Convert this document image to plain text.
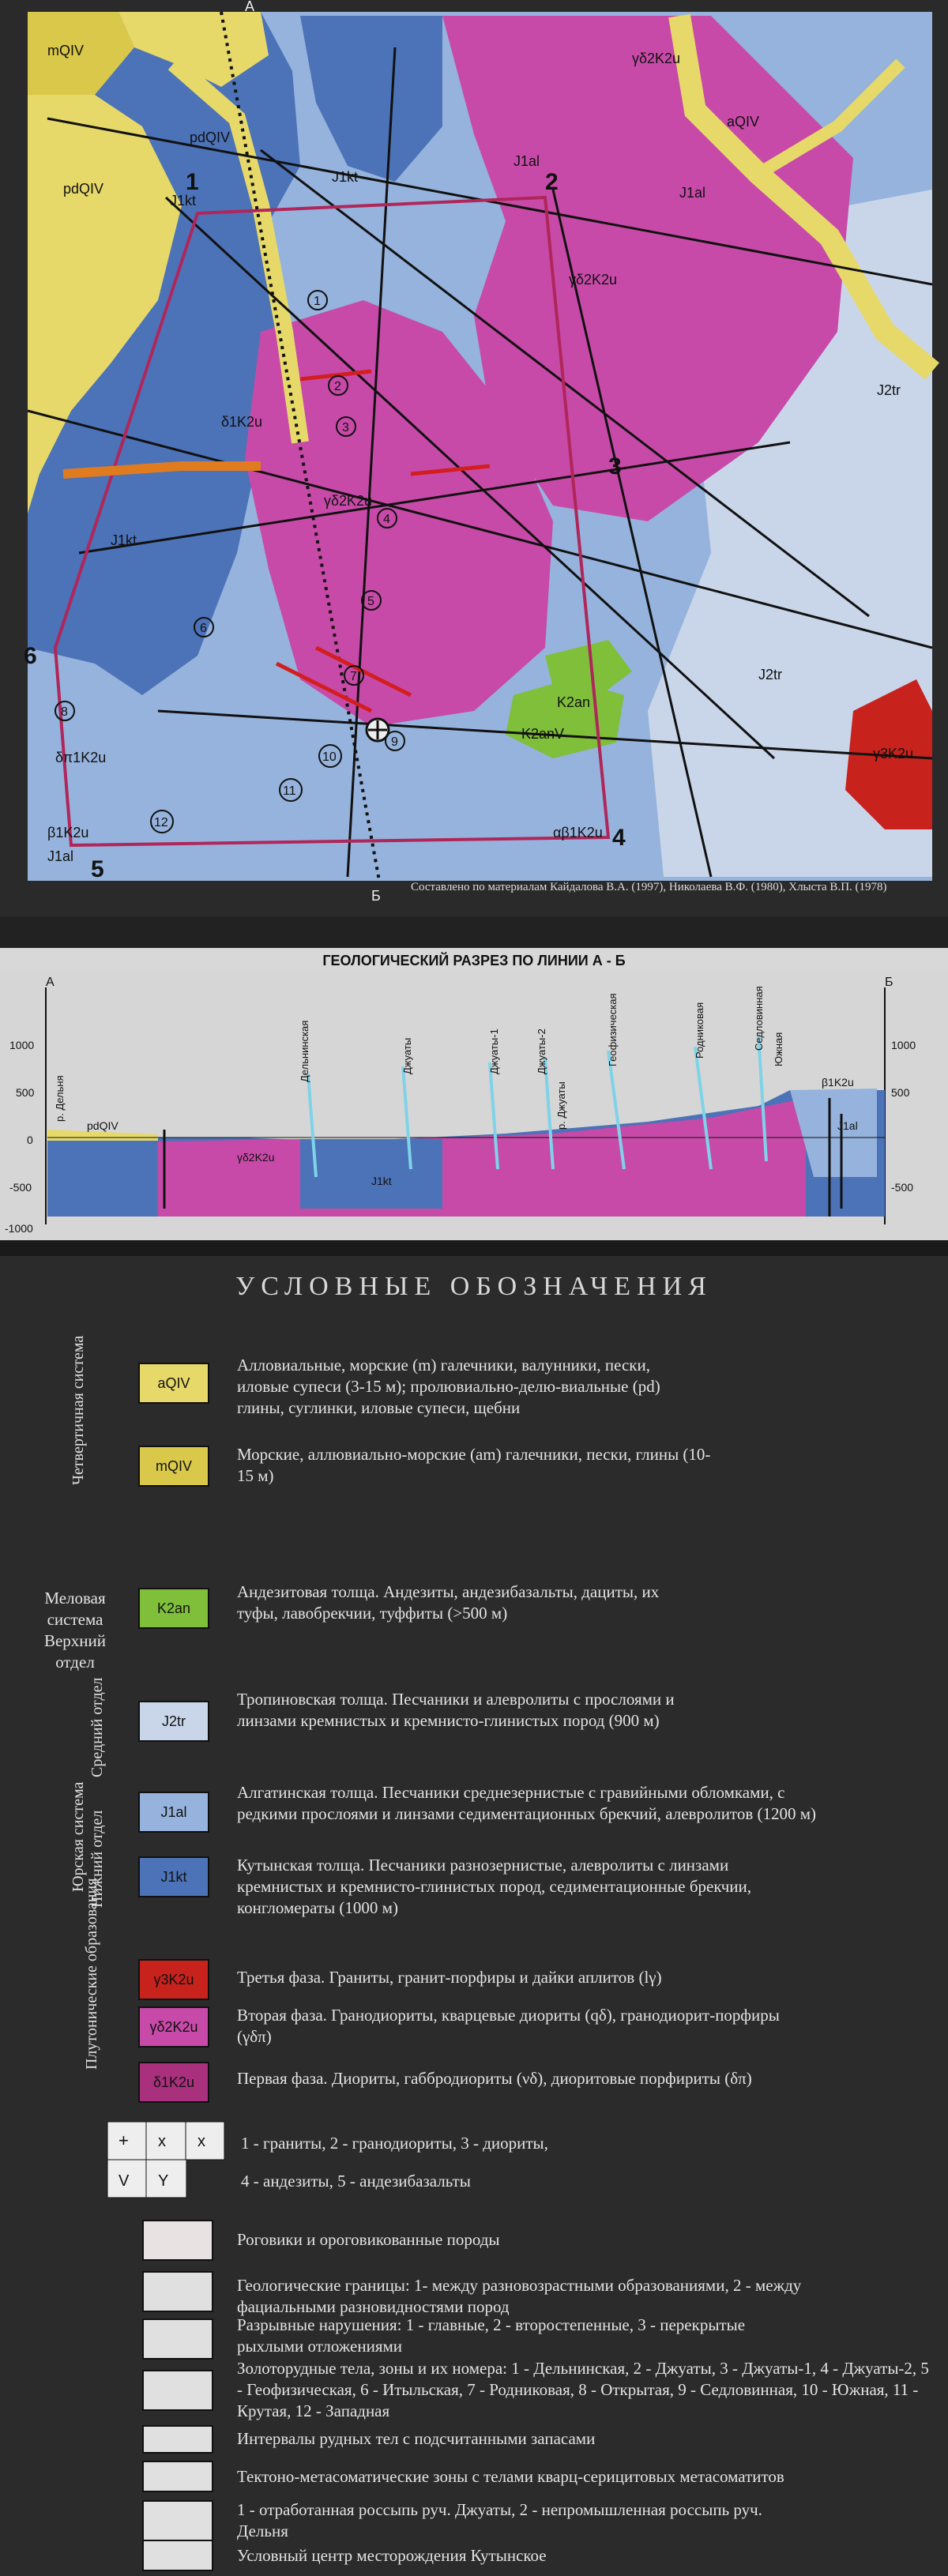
mQIV
pdQIV
pdQIV
aQIV
J1kt
J1kt
J1kt
J1al
J1al
J1al
J2tr
J2tr
γδ2K2u
γδ2K2u
γδ2K2u
δ1K2u
K2an
K2anV
β1K2u	αβ1K2u
δπ1K2u	γ3K2u
1	2
3
4
5
6
1
2
3
4
5
6
7
8
9
10
11
12
А
Б
Составлено по материалам Кайдалова В.А. (1997), Николаева В.Ф. (1980), Хлыста В.П. (1978)
ГЕОЛОГИЧЕСКИЙ РАЗРЕЗ ПО ЛИНИИ А - Б
1000
500
0
-500
-1000
1000
500
-500
А	Б
pdQIV
J1kt
γδ2K2u
J1al
β1K2u
Дельнинская	Джуаты	Джуаты-1	Джуаты-2	Геофизическая	Родниковая	Седловинная Южная
р. Дельня	р. Джуаты
УСЛОВНЫЕ ОБОЗНАЧЕНИЯ
Четвертичная система
Меловая система Верхний отдел
Юрская система
Средний отдел
Нижний отдел
Плутонические образования
aQIV
Алловиальные, морские (m) галечники, валунники, пески, иловые супеси (3-15 м); пролювиально-делю-виальные (pd) глины, суглинки, иловые супеси, щебни
mQIV
Морские, аллювиально-морские (am) галечники, пески, глины (10-15 м)
K2an
Андезитовая толща. Андезиты, андезибазальты, дациты, их туфы, лавобрекчии, туффиты (>500 м)
J2tr
Тропиновская толща. Песчаники и алевролиты с прослоями и линзами кремнистых и кремнисто-глинистых пород (900 м)
J1al
Алгатинская толща. Песчаники среднезернистые с гравийными обломками, с редкими прослоями и линзами седиментационных брекчий, алевролитов (1200 м)
J1kt
Кутынская толща. Песчаники разнозернистые, алевролиты с линзами кремнистых и кремнисто-глинистых пород, седиментационные брекчии, конгломераты (1000 м)
γ3K2u	Третья фаза. Граниты, гранит-порфиры и дайки аплитов (lγ)
γδ2K2u
Вторая фаза. Гранодиориты, кварцевые диориты (qδ), гранодиорит-порфиры (γδπ)
δ1K2u	Первая фаза. Диориты, габбродиориты (νδ), диоритовые порфириты (δπ)
+ x x
V Y
1 - граниты, 2 - гранодиориты, 3 - диориты,
4 - андезиты, 5 - андезибазальты
Роговики и ороговикованные породы
Геологические границы: 1- между разновозрастными образованиями, 2 - между фациальными разновидностями пород
Разрывные нарушения: 1 - главные, 2 - второстепенные, 3 - перекрытые рыхлыми отложениями
Золоторудные тела, зоны и их номера: 1 - Дельнинская, 2 - Джуаты, 3 - Джуаты-1, 4 - Джуаты-2, 5 - Геофизическая, 6 - Итыльская, 7 - Родниковая, 8 - Открытая, 9 - Седловинная, 10 - Южная, 11 - Крутая, 12 - Западная
Интервалы рудных тел с подсчитанными запасами
Тектоно-метасоматические зоны с телами кварц-серицитовых метасоматитов
1 - отработанная россыпь руч. Джуаты, 2 - непромышленная россыпь руч. Дельня
Условный центр месторождения Кутынское
